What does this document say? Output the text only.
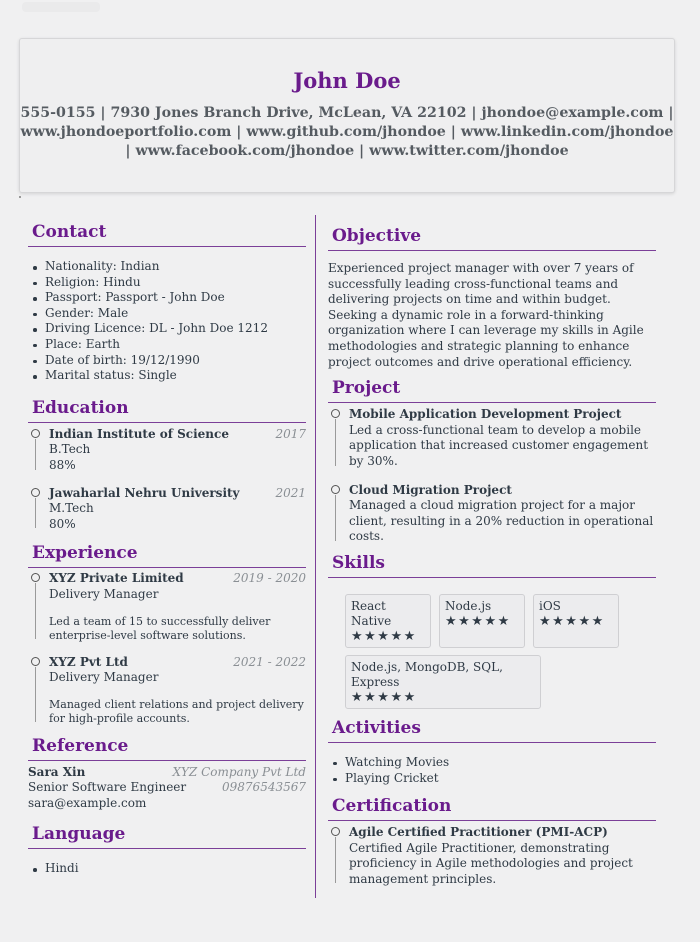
John Doe
555-0155 | 7930 Jones Branch Drive, McLean, VA 22102 | jhondoe@example.com |
www.jhondoeportfolio.com | www.github.com/jhondoe | www.linkedin.com/jhondoe
| www.facebook.com/jhondoe | www.twitter.com/jhondoe
Contact
Nationality: Indian
Religion: Hindu
Passport: Passport - John Doe
Gender: Male
Driving Licence: DL - John Doe 1212
Place: Earth
Date of birth: 19/12/1990
Marital status: Single
Education
Indian Institute of Science	2017
B.Tech
88%
Jawaharlal Nehru University	2021
M.Tech
80%
Experience
XYZ Private Limited	2019 - 2020
Delivery Manager
Led a team of 15 to successfully deliver enterprise-level software solutions.
XYZ Pvt Ltd	2021 - 2022
Delivery Manager
Managed client relations and project delivery for high-profile accounts.
Reference
Sara Xin	XYZ Company Pvt Ltd
Senior Software Engineer	09876543567
sara@example.com
Language
Hindi
Objective

Experienced project manager with over 7 years of successfully leading cross-functional teams and delivering projects on time and within budget. Seeking a dynamic role in a forward-thinking organization where I can leverage my skills in Agile methodologies and strategic planning to enhance project outcomes and drive operational efficiency.

Project
Mobile Application Development Project
Led a cross-functional team to develop a mobile application that increased customer engagement by 30%.
Cloud Migration Project
Managed a cloud migration project for a major client, resulting in a 20% reduction in operational costs.
Skills
React Native
★★★★★
Node.js
★★★★★
iOS
★★★★★
Node.js, MongoDB, SQL, Express
★★★★★
Activities
Watching Movies
Playing Cricket
Certification
Agile Certified Practitioner (PMI-ACP)
Certified Agile Practitioner, demonstrating proficiency in Agile methodologies and project management principles.
